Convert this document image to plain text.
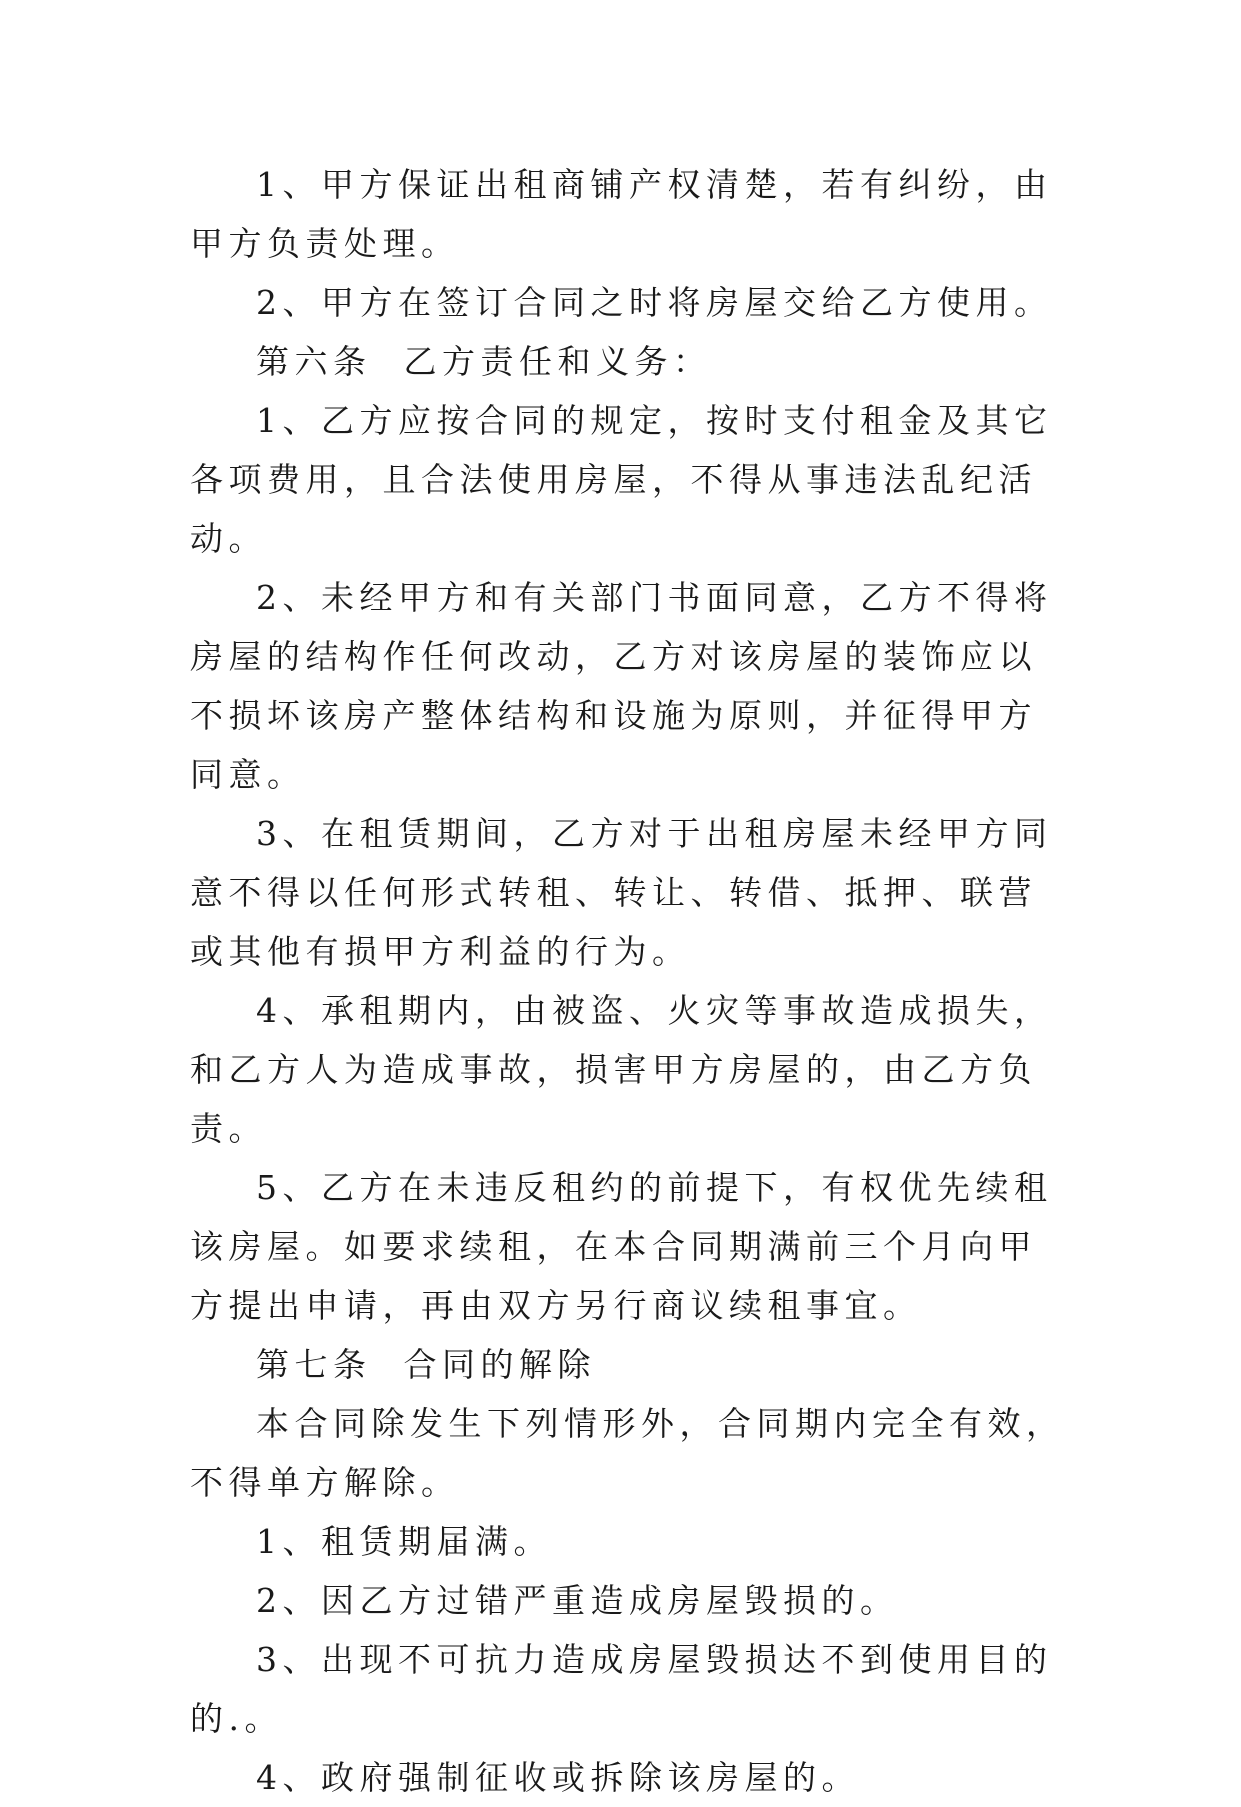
1、甲方保证出租商铺产权清楚，若有纠纷，由甲方负责处理。

2、甲方在签订合同之时将房屋交给乙方使用。

第六条  乙方责任和义务：

1、乙方应按合同的规定，按时支付租金及其它各项费用，且合法使用房屋，不得从事违法乱纪活动。

2、未经甲方和有关部门书面同意，乙方不得将房屋的结构作任何改动，乙方对该房屋的装饰应以不损坏该房产整体结构和设施为原则，并征得甲方同意。

3、在租赁期间，乙方对于出租房屋未经甲方同意不得以任何形式转租、转让、转借、抵押、联营或其他有损甲方利益的行为。

4、承租期内，由被盗、火灾等事故造成损失，和乙方人为造成事故，损害甲方房屋的，由乙方负责。

5、乙方在未违反租约的前提下，有权优先续租该房屋。如要求续租，在本合同期满前三个月向甲方提出申请，再由双方另行商议续租事宜。

第七条  合同的解除

本合同除发生下列情形外，合同期内完全有效，不得单方解除。

1、租赁期届满。

2、因乙方过错严重造成房屋毁损的。

3、出现不可抗力造成房屋毁损达不到使用目的的.。

4、政府强制征收或拆除该房屋的。
